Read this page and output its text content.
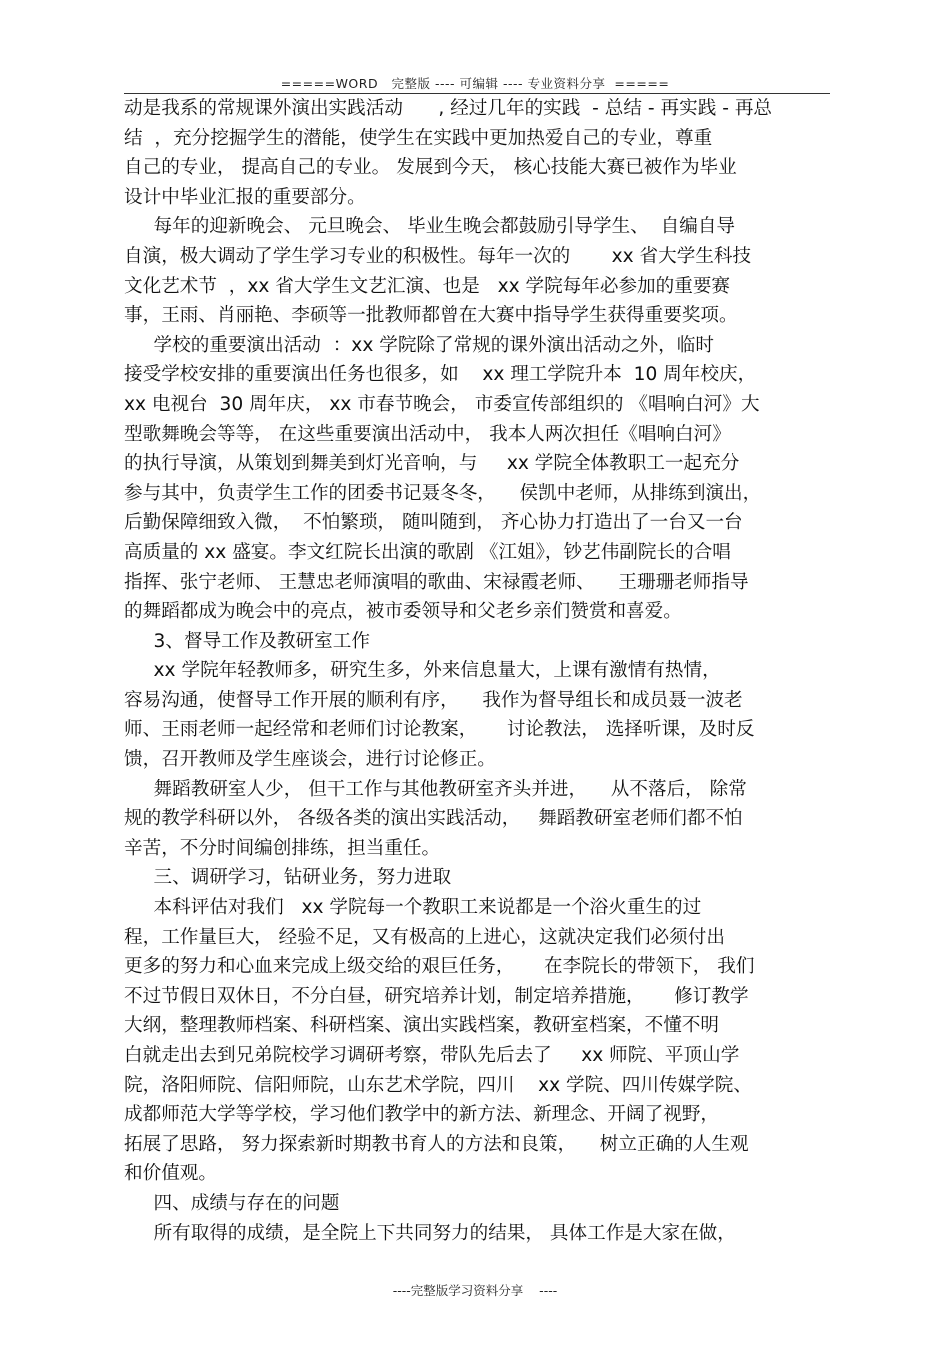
=====WORD   完整版 ---- 可编辑 ---- 专业资料分享  =====
动是我系的常规课外演出实践活动      , 经过几年的实践  - 总结 - 再实践 - 再总
结  ，充分挖掘学生的潜能，使学生在实践中更加热爱自己的专业，尊重
自己的专业， 提高自己的专业。 发展到今天， 核心技能大赛已被作为毕业
设计中毕业汇报的重要部分。
每年的迎新晚会、 元旦晚会、 毕业生晚会都鼓励引导学生、  自编自导
自演，极大调动了学生学习专业的积极性。每年一次的       xx 省大学生科技
文化艺术节  ，xx 省大学生文艺汇演、也是   xx 学院每年必参加的重要赛
事，王雨、肖丽艳、李硕等一批教师都曾在大赛中指导学生获得重要奖项。
学校的重要演出活动  ：xx 学院除了常规的课外演出活动之外，临时
接受学校安排的重要演出任务也很多，如    xx 理工学院升本  10 周年校庆，
xx 电视台  30 周年庆， xx 市春节晚会， 市委宣传部组织的 《唱响白河》大
型歌舞晚会等等， 在这些重要演出活动中， 我本人两次担任《唱响白河》
的执行导演，从策划到舞美到灯光音响，与     xx 学院全体教职工一起充分
参与其中，负责学生工作的团委书记聂冬冬，    侯凯中老师，从排练到演出，
后勤保障细致入微，  不怕繁琐， 随叫随到， 齐心协力打造出了一台又一台
高质量的 xx 盛宴。李文红院长出演的歌剧 《江姐》，钞艺伟副院长的合唱
指挥、张宁老师、 王慧忠老师演唱的歌曲、宋禄霞老师、    王珊珊老师指导
的舞蹈都成为晚会中的亮点，被市委领导和父老乡亲们赞赏和喜爱。
3、督导工作及教研室工作
xx 学院年轻教师多，研究生多，外来信息量大，上课有激情有热情，
容易沟通，使督导工作开展的顺利有序，    我作为督导组长和成员聂一波老
师、王雨老师一起经常和老师们讨论教案，     讨论教法， 选择听课，及时反
馈，召开教师及学生座谈会，进行讨论修正。
舞蹈教研室人少， 但干工作与其他教研室齐头并进，    从不落后， 除常
规的教学科研以外， 各级各类的演出实践活动，   舞蹈教研室老师们都不怕
辛苦，不分时间编创排练，担当重任。
三、调研学习，钻研业务，努力进取
本科评估对我们   xx 学院每一个教职工来说都是一个浴火重生的过
程，工作量巨大， 经验不足，又有极高的上进心，这就决定我们必须付出
更多的努力和心血来完成上级交给的艰巨任务，     在李院长的带领下， 我们
不过节假日双休日，不分白昼，研究培养计划，制定培养措施，     修订教学
大纲，整理教师档案、科研档案、演出实践档案，教研室档案，不懂不明
白就走出去到兄弟院校学习调研考察，带队先后去了     xx 师院、平顶山学
院，洛阳师院、信阳师院，山东艺术学院，四川    xx 学院、四川传媒学院、
成都师范大学等学校，学习他们教学中的新方法、新理念、开阔了视野，
拓展了思路， 努力探索新时期教书育人的方法和良策，    树立正确的人生观
和价值观。
四、成绩与存在的问题
所有取得的成绩，是全院上下共同努力的结果， 具体工作是大家在做，
----完整版学习资料分享    ----
